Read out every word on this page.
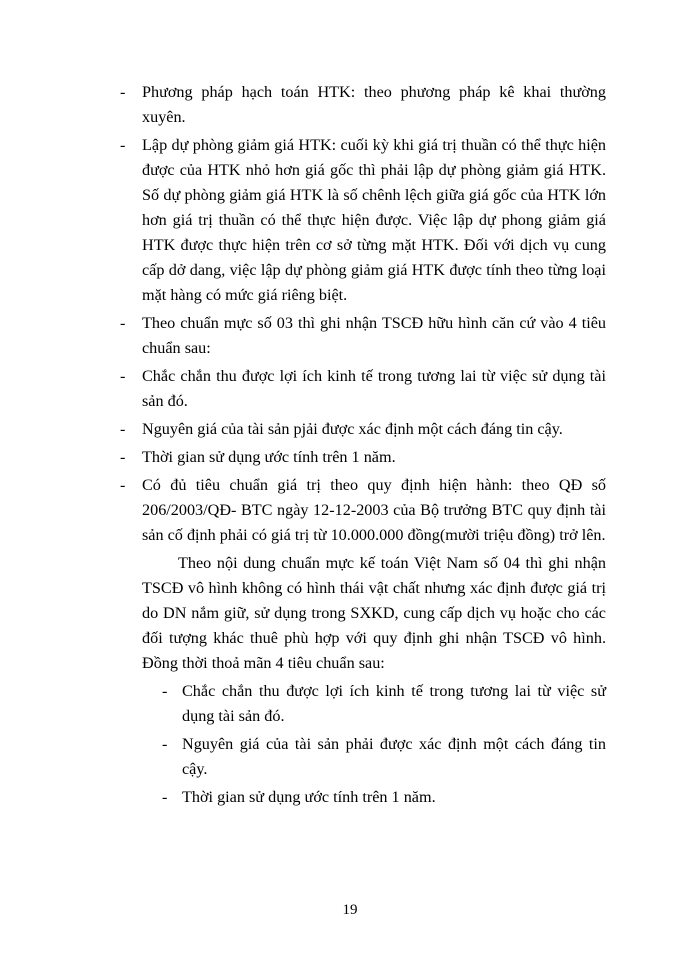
- Phương pháp hạch toán HTK: theo phương pháp kê khai thường xuyên.
- Lập dự phòng giảm giá HTK: cuối kỳ khi giá trị thuần có thể thực hiện được của HTK nhỏ hơn giá gốc thì phải lập dự phòng giảm giá HTK. Số dự phòng giảm giá HTK là số chênh lệch giữa giá gốc của HTK lớn hơn giá trị thuần có thể thực hiện được. Việc lập dự phong giảm giá HTK được thực hiện trên cơ sở từng mặt HTK. Đối với dịch vụ cung cấp dở dang, việc lập dự phòng giảm giá HTK được tính theo từng loại mặt hàng có mức giá riêng biệt.
- Theo chuẩn mực số 03 thì ghi nhận TSCĐ hữu hình căn cứ vào 4 tiêu chuẩn sau:
- Chắc chắn thu được lợi ích kinh tế trong tương lai từ việc sử dụng tài sản đó.
- Nguyên giá của tài sản pjải được xác định một cách đáng tin cậy.
- Thời gian sử dụng ước tính trên 1 năm.
- Có đủ tiêu chuẩn giá trị theo quy định hiện hành: theo QĐ số 206/2003/QĐ- BTC ngày 12-12-2003 của Bộ trưởng BTC quy định tài sản cố định phải có giá trị từ 10.000.000 đồng(mười triệu đồng) trở lên.
Theo nội dung chuẩn mực kế toán Việt Nam số 04 thì ghi nhận TSCĐ vô hình không có hình thái vật chất nhưng xác định được giá trị do DN nắm giữ, sử dụng trong SXKD, cung cấp dịch vụ hoặc cho các đối tượng khác thuê phù hợp với quy định ghi nhận TSCĐ vô hình. Đồng thời thoả mãn 4 tiêu chuẩn sau:
- Chắc chắn thu được lợi ích kinh tế trong tương lai từ việc sử dụng tài sản đó.
- Nguyên giá của tài sản phải được xác định một cách đáng tin cậy.
- Thời gian sử dụng ước tính trên 1 năm.
19
